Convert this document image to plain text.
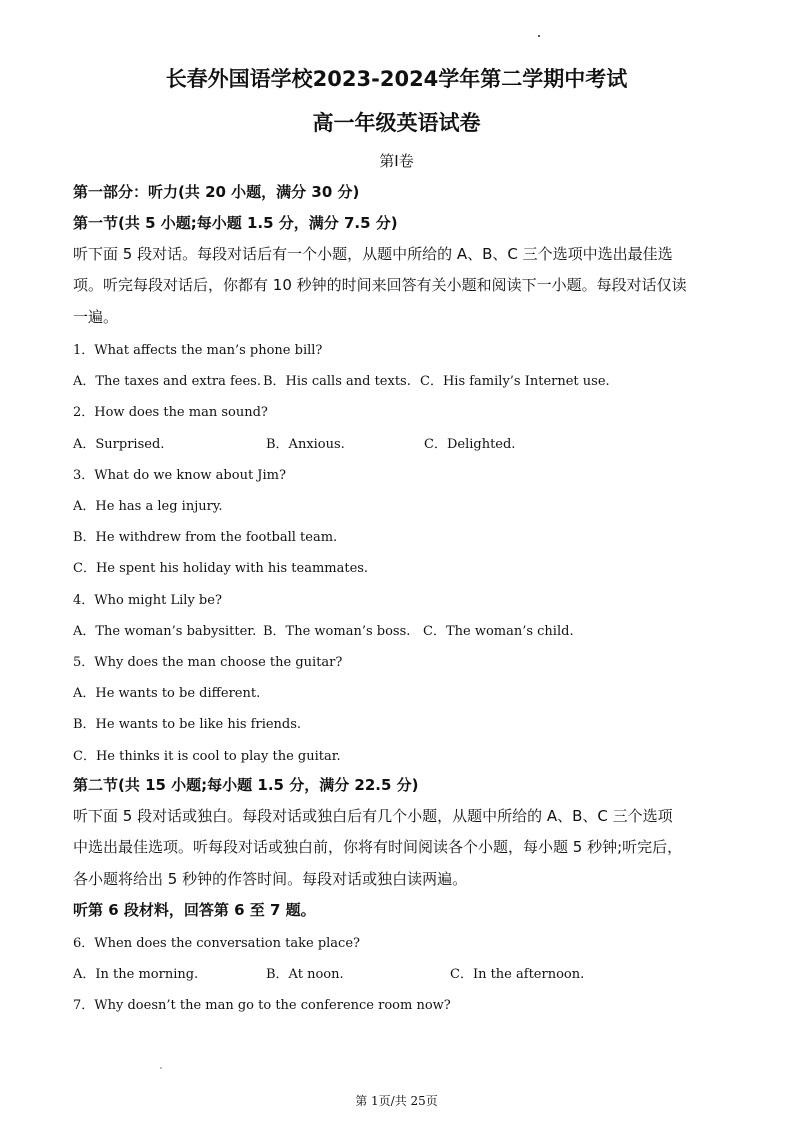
长春外国语学校2023-2024学年第二学期中考试
高一年级英语试卷
第Ⅰ卷
第一部分：听力(共 20 小题，满分 30 分)
第一节(共 5 小题;每小题 1.5 分，满分 7.5 分)
听下面 5 段对话。每段对话后有一个小题，从题中所给的 A、B、C 三个选项中选出最佳选
项。听完每段对话后，你都有 10 秒钟的时间来回答有关小题和阅读下一小题。每段对话仅读
一遍。
1．What affects the man’s phone bill?
A．The taxes and extra fees. B．His calls and texts. C．His family’s Internet use.
2．How does the man sound?
A．Surprised.	B．Anxious.	C．Delighted.
3．What do we know about Jim?
A．He has a leg injury.
B．He withdrew from the football team.
C．He spent his holiday with his teammates.
4．Who might Lily be?
A．The woman’s babysitter. B．The woman’s boss. C．The woman’s child.
5．Why does the man choose the guitar?
A．He wants to be different.
B．He wants to be like his friends.
C．He thinks it is cool to play the guitar.
第二节(共 15 小题;每小题 1.5 分，满分 22.5 分)
听下面 5 段对话或独白。每段对话或独白后有几个小题，从题中所给的 A、B、C 三个选项
中选出最佳选项。听每段对话或独白前，你将有时间阅读各个小题，每小题 5 秒钟;听完后，
各小题将给出 5 秒钟的作答时间。每段对话或独白读两遍。
听第 6 段材料，回答第 6 至 7 题。
6．When does the conversation take place?
A．In the morning.	B．At noon.	C．In the afternoon.
7．Why doesn’t the man go to the conference room now?
第 1页/共 25页
